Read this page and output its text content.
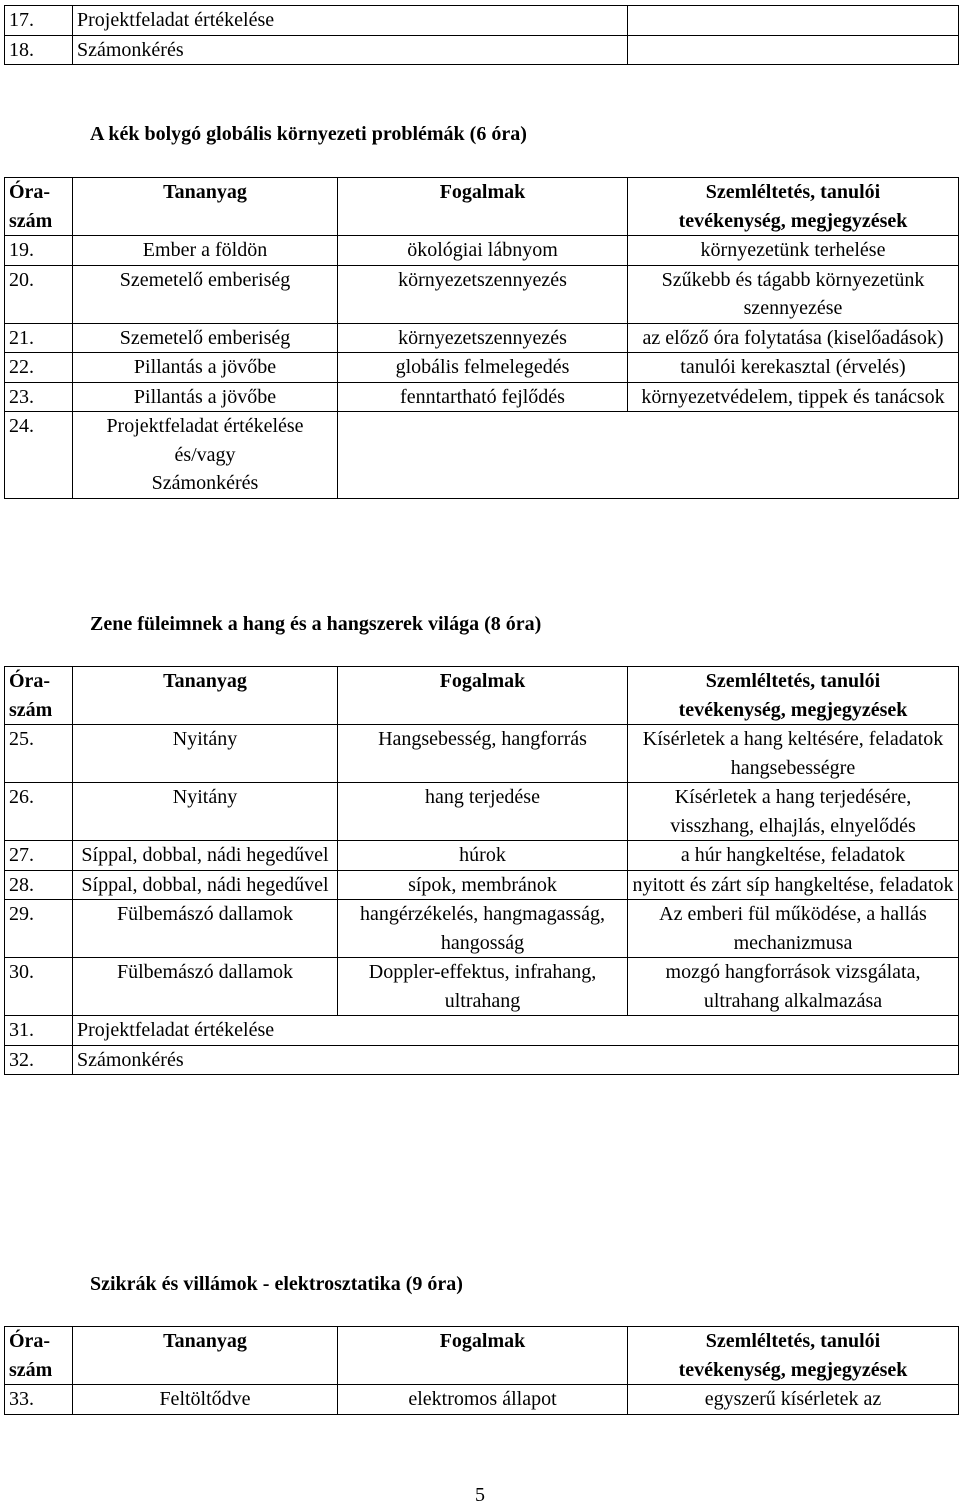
17.	Projektfeladat értékelése	
18.	Számonkérés	
A kék bolygó globális környezeti problémák (6 óra)
Óra-
szám	Tananyag	Fogalmak	Szemléltetés, tanulói
tevékenység, megjegyzések
19.	Ember a földön	ökológiai lábnyom	környezetünk terhelése
20.	Szemetelő emberiség	környezetszennyezés	Szűkebb és tágabb környezetünk szennyezése
21.	Szemetelő emberiség	környezetszennyezés	az előző óra folytatása (kiselőadások)
22.	Pillantás a jövőbe	globális felmelegedés	tanulói kerekasztal (érvelés)
23.	Pillantás a jövőbe	fenntartható fejlődés	környezetvédelem, tippek és tanácsok
24.	Projektfeladat értékelése
és/vagy
Számonkérés		
Zene füleimnek a hang és a hangszerek világa (8 óra)
Óra-
szám	Tananyag	Fogalmak	Szemléltetés, tanulói
tevékenység, megjegyzések
25.	Nyitány	Hangsebesség, hangforrás	Kísérletek a hang keltésére, feladatok hangsebességre
26.	Nyitány	hang terjedése	Kísérletek a hang terjedésére, visszhang, elhajlás, elnyelődés
27.	Síppal, dobbal, nádi hegedűvel	húrok	a húr hangkeltése, feladatok
28.	Síppal, dobbal, nádi hegedűvel	sípok, membránok	nyitott és zárt síp hangkeltése, feladatok
29.	Fülbemászó dallamok	hangérzékelés, hangmagasság, hangosság	Az emberi fül működése, a hallás mechanizmusa
30.	Fülbemászó dallamok	Doppler-effektus, infrahang, ultrahang	mozgó hangforrások vizsgálata, ultrahang alkalmazása
31.	Projektfeladat értékelése		
32.	Számonkérés		
Szikrák és villámok - elektrosztatika (9 óra)
Óra-
szám	Tananyag	Fogalmak	Szemléltetés, tanulói
tevékenység, megjegyzések
33.	Feltöltődve	elektromos állapot	egyszerű kísérletek az
5
